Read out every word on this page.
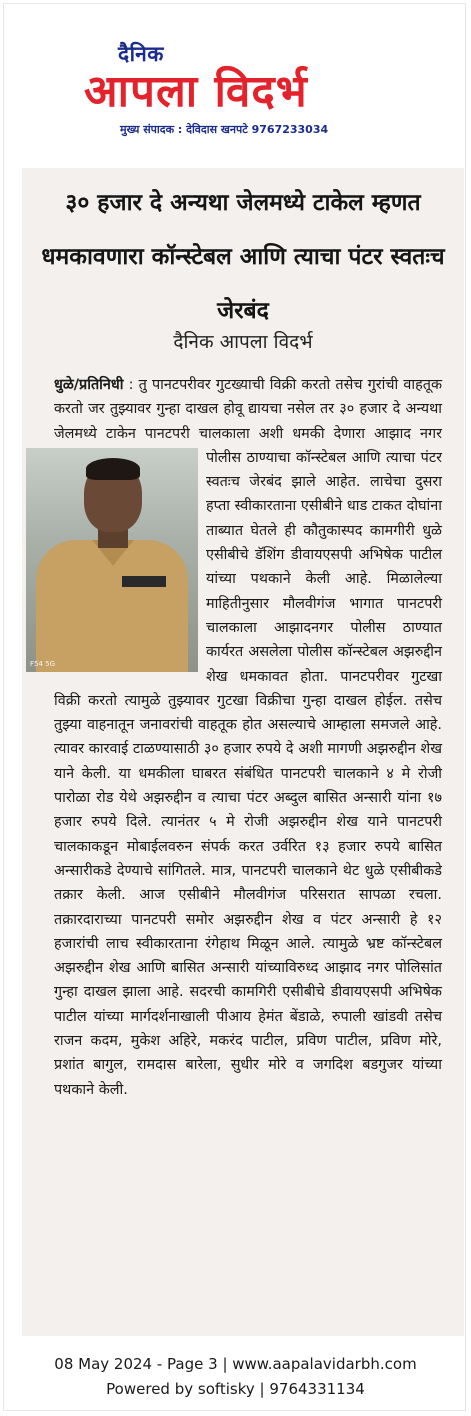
दैनिक
आपला विदर्भ
मुख्य संपादक : देविदास खनपटे 9767233034
३० हजार दे अन्यथा जेलमध्ये टाकेल म्हणत धमकावणारा कॉन्स्टेबल आणि त्याचा पंटर स्वतःच जेरबंद
दैनिक आपला विदर्भ
धुळे/प्रतिनिधी : तु पानटपरीवर गुटख्याची विक्री करतो तसेच गुरांची वाहतूक करतो जर तुझ्यावर गुन्हा दाखल होवू द्यायचा नसेल तर ३० हजार दे अन्यथा जेलमध्ये टाकेन पानटपरी चालकाला अशी धमकी देणारा
F54 5G
आझाद नगर पोलीस ठाण्याचा कॉन्स्टेबल आणि त्याचा पंटर स्वतःच जेरबंद झाले आहेत. लाचेचा दुसरा हप्ता स्वीकारताना एसीबीने धाड टाकत दोघांना ताब्यात घेतले ही कौतुकास्पद कामगीरी धुळे एसीबीचे डॅशिंग डीवायएसपी अभिषेक पाटील यांच्या पथकाने केली आहे. मिळालेल्या माहितीनुसार मौलवीगंज भागात पानटपरी चालकाला आझादनगर पोलीस ठाण्यात कार्यरत असलेला पोलीस कॉन्स्टेबल अझरुद्दीन शेख धमकावत होता. पानटपरीवर गुटखा विक्री करतो त्यामुळे तुझ्यावर गुटखा विक्रीचा गुन्हा दाखल होईल. तसेच तुझ्या वाहनातून जनावरांची वाहतूक होत असल्याचे आम्हाला समजले आहे. त्यावर कारवाई टाळण्यासाठी ३० हजार रुपये दे अशी मागणी अझरुद्दीन शेख याने केली. या धमकीला घाबरत संबंधित पानटपरी चालकाने ४ मे रोजी पारोळा रोड येथे अझरुद्दीन व त्याचा पंटर अब्दुल बासित अन्सारी यांना १७ हजार रुपये दिले. त्यानंतर ५ मे रोजी अझरुद्दीन शेख याने पानटपरी चालकाकडून मोबाईलवरुन संपर्क करत उर्वरित १३ हजार रुपये बासित अन्सारीकडे देण्याचे सांगितले. मात्र, पानटपरी चालकाने थेट धुळे एसीबीकडे तक्रार केली. आज एसीबीने मौलवीगंज परिसरात सापळा रचला. तक्रारदाराच्या पानटपरी समोर अझरुद्दीन शेख व पंटर अन्सारी हे १२ हजारांची लाच स्वीकारताना रंगेहाथ मिळून आले. त्यामुळे भ्रष्ट कॉन्स्टेबल अझरुद्दीन शेख आणि बासित अन्सारी यांच्याविरुध्द आझाद नगर पोलिसांत गुन्हा दाखल झाला आहे. सदरची कामगिरी एसीबीचे डीवायएसपी अभिषेक पाटील यांच्या मार्गदर्शनाखाली पीआय हेमंत बेंडाळे, रुपाली खांडवी तसेच राजन कदम, मुकेश अहिरे, मकरंद पाटील, प्रविण पाटील, प्रविण मोरे, प्रशांत बागुल, रामदास बारेला, सुधीर मोरे व जगदिश बडगुजर यांच्या पथकाने केली.
08 May 2024 - Page 3 | www.aapalavidarbh.com
Powered by softisky | 9764331134
